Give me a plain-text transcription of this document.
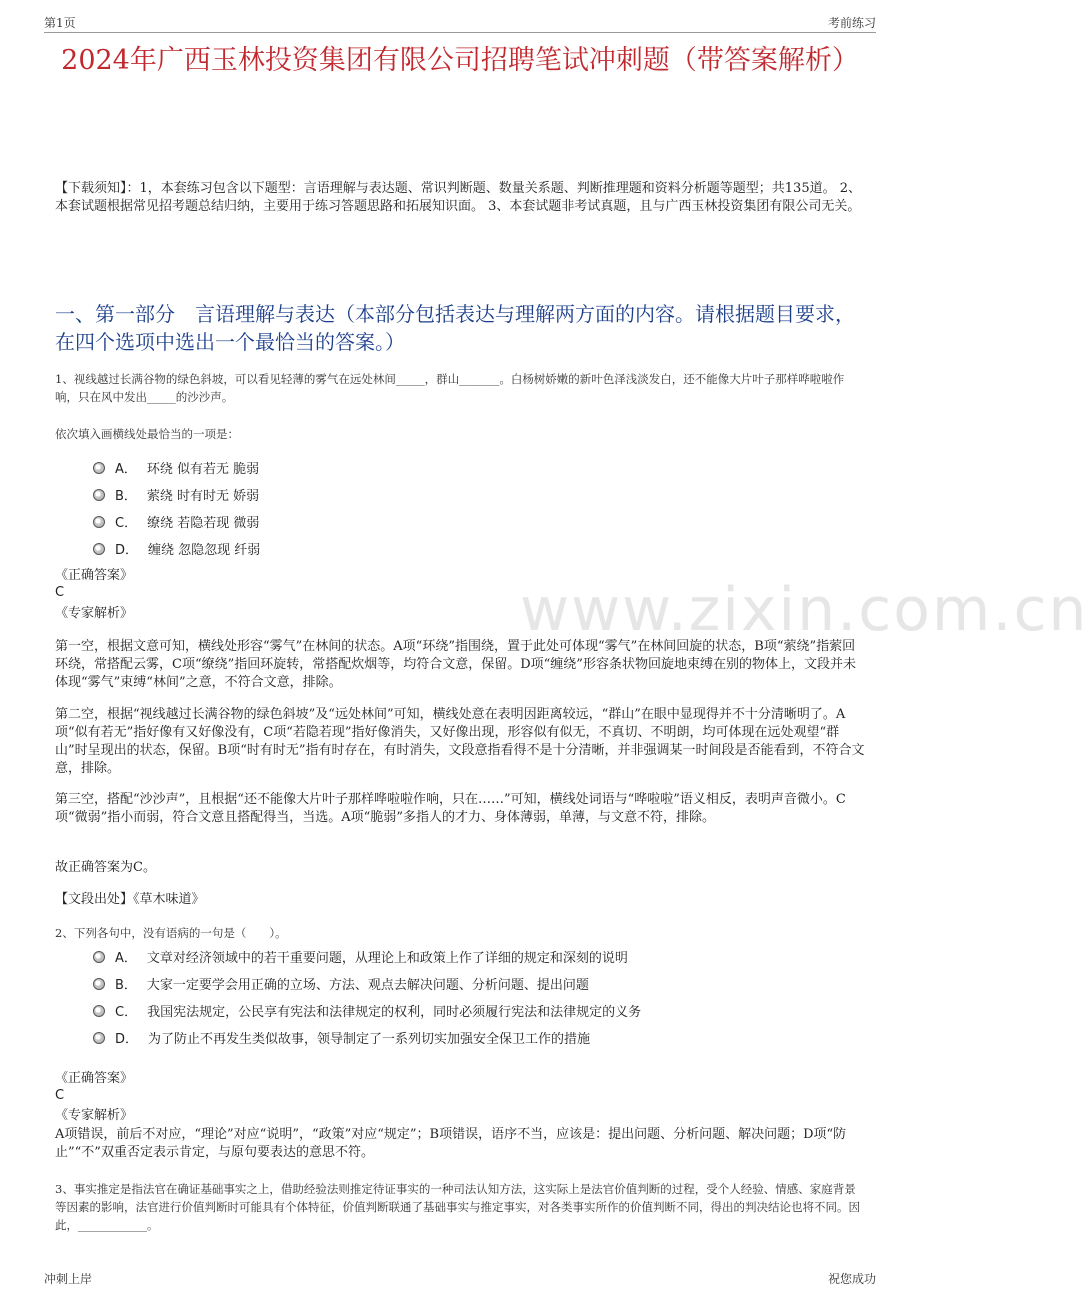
第1页	考前练习
www.zixin.com.cn
2024年广西玉林投资集团有限公司招聘笔试冲刺题（带答案解析）
【下载须知】：1，本套练习包含以下题型：言语理解与表达题、常识判断题、数量关系题、判断推理题和资料分析题等题型；共135道。 2、本套试题根据常见招考题总结归纳，主要用于练习答题思路和拓展知识面。 3、本套试题非考试真题，且与广西玉林投资集团有限公司无关。
一、第一部分　言语理解与表达（本部分包括表达与理解两方面的内容。请根据题目要求，在四个选项中选出一个最恰当的答案。）
1、视线越过长满谷物的绿色斜坡，可以看见轻薄的雾气在远处林间_____，群山_______。白杨树娇嫩的新叶色泽浅淡发白，还不能像大片叶子那样哗啦啦作响，只在风中发出_____的沙沙声。
依次填入画横线处最恰当的一项是：
A． 环绕 似有若无 脆弱
B． 萦绕 时有时无 娇弱
C． 缭绕 若隐若现 微弱
D． 缠绕 忽隐忽现 纤弱
《正确答案》
C
《专家解析》
第一空，根据文意可知，横线处形容“雾气”在林间的状态。A项“环绕”指围绕，置于此处可体现“雾气”在林间回旋的状态，B项“萦绕”指萦回环绕，常搭配云雾，C项“缭绕”指回环旋转，常搭配炊烟等，均符合文意，保留。D项“缠绕”形容条状物回旋地束缚在别的物体上，文段并未体现“雾气”束缚“林间”之意，不符合文意，排除。
第二空，根据“视线越过长满谷物的绿色斜坡”及“远处林间”可知，横线处意在表明因距离较远，“群山”在眼中显现得并不十分清晰明了。A项“似有若无”指好像有又好像没有，C项“若隐若现”指好像消失，又好像出现，形容似有似无，不真切、不明朗，均可体现在远处观望“群山”时呈现出的状态，保留。B项“时有时无”指有时存在，有时消失，文段意指看得不是十分清晰，并非强调某一时间段是否能看到，不符合文意，排除。
第三空，搭配“沙沙声”，且根据“还不能像大片叶子那样哗啦啦作响，只在……”可知，横线处词语与“哗啦啦”语义相反，表明声音微小。C项“微弱”指小而弱，符合文意且搭配得当，当选。A项“脆弱”多指人的才力、身体薄弱，单薄，与文意不符，排除。
故正确答案为C。
【文段出处】《草木味道》
2、下列各句中，没有语病的一句是（　　）。
A． 文章对经济领域中的若干重要问题，从理论上和政策上作了详细的规定和深刻的说明
B． 大家一定要学会用正确的立场、方法、观点去解决问题、分析问题、提出问题
C． 我国宪法规定，公民享有宪法和法律规定的权利，同时必须履行宪法和法律规定的义务
D． 为了防止不再发生类似故事，领导制定了一系列切实加强安全保卫工作的措施
《正确答案》
C
《专家解析》
A项错误，前后不对应，“理论”对应“说明”，“政策”对应“规定”；B项错误，语序不当，应该是：提出问题、分析问题、解决问题；D项“防止”“不”双重否定表示肯定，与原句要表达的意思不符。
3、事实推定是指法官在确证基础事实之上，借助经验法则推定待证事实的一种司法认知方法，这实际上是法官价值判断的过程，受个人经验、情感、家庭背景等因素的影响，法官进行价值判断时可能具有个体特征，价值判断联通了基础事实与推定事实，对各类事实所作的价值判断不同，得出的判决结论也将不同。因此，____________。
冲刺上岸	祝您成功
